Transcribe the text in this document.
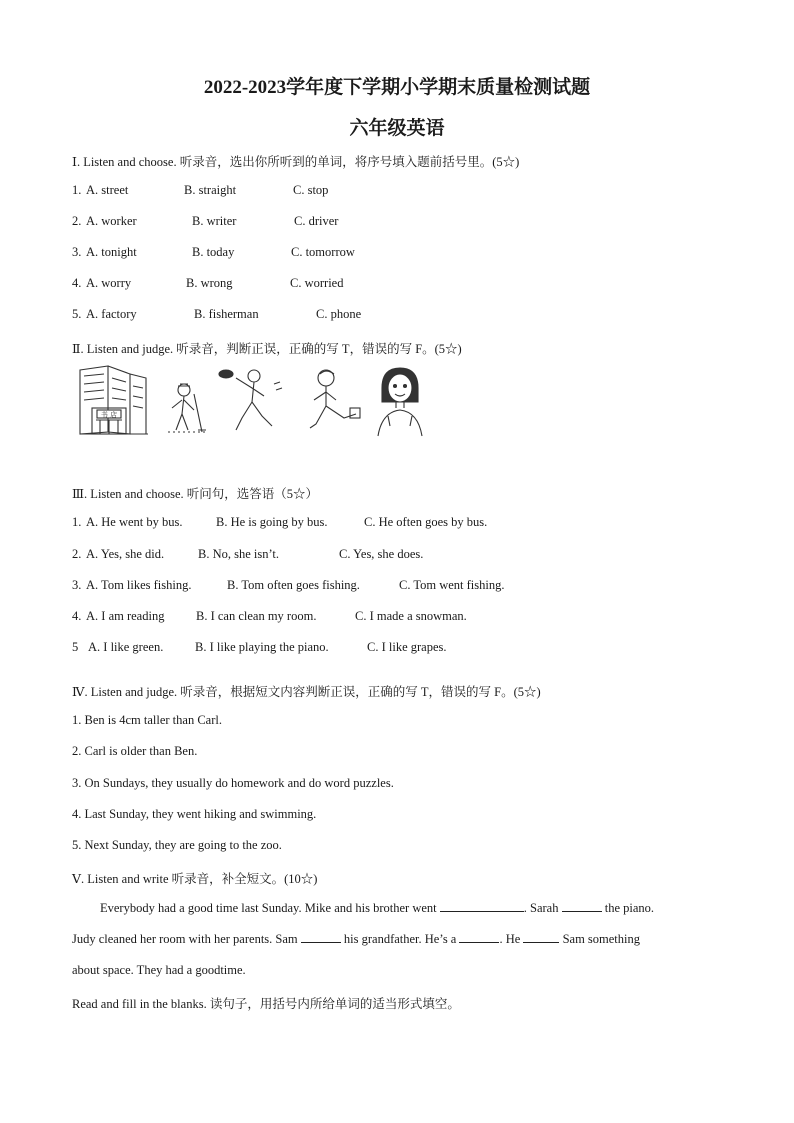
2022-2023学年度下学期小学期末质量检测试题
六年级英语
Ⅰ. Listen and choose. 听录音，选出你所听到的单词，将序号填入题前括号里。(5☆)
1. A. street	B. straight	C. stop
2. A. worker	B. writer	C. driver
3. A. tonight	B. today	C. tomorrow
4. A. worry	B. wrong	C. worried
5. A. factory	B. fisherman	C. phone
Ⅱ. Listen and judge. 听录音，判断正误，正确的写 T，错误的写 F。(5☆)
书 店
Ⅲ. Listen and choose. 听问句，选答语（5☆）
1. A. He went by bus.	B. He is going by bus.	C. He often goes by bus.
2. A. Yes, she did.	B. No, she isn’t.	C. Yes, she does.
3. A. Tom likes fishing.	B. Tom often goes fishing.	C. Tom went fishing.
4. A. I am reading	B. I can clean my room.	C. I made a snowman.
5 A. I like green.	B. I like playing the piano.	C. I like grapes.
Ⅳ. Listen and judge. 听录音，根据短文内容判断正误，正确的写 T，错误的写 F。(5☆)
1. Ben is 4cm taller than Carl.
2. Carl is older than Ben.
3. On Sundays, they usually do homework and do word puzzles.
4. Last Sunday, they went hiking and swimming.
5. Next Sunday, they are going to the zoo.
Ⅴ. Listen and write 听录音，补全短文。(10☆)
Everybody had a good time last Sunday. Mike and his brother went	. Sarah	the piano.
Judy cleaned her room with her parents. Sam	his grandfather. He’s a	. He	Sam something
about space. They had a goodtime.
Read and fill in the blanks. 读句子，用括号内所给单词的适当形式填空。
